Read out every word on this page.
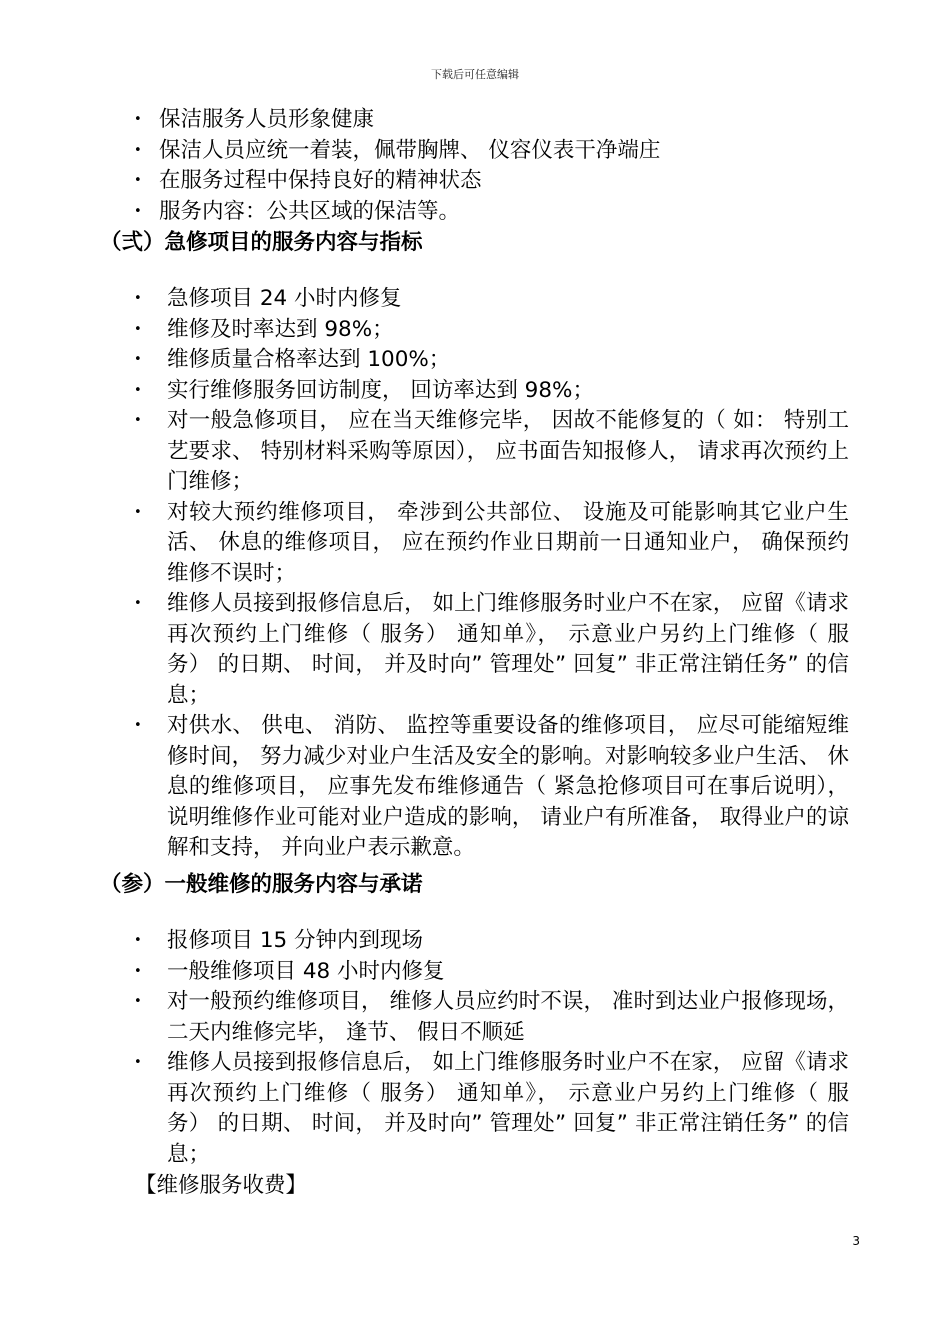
下载后可任意编辑
• 保洁服务人员形象健康
• 保洁人员应统一着装，佩带胸牌、 仪容仪表干净端庄
• 在服务过程中保持良好的精神状态
• 服务内容：公共区域的保洁等。
（弍）急修项目的服务内容与指标
• 急修项目 24 小时内修复
• 维修及时率达到 98%；
• 维修质量合格率达到 100%；
• 实行维修服务回访制度， 回访率达到 98%；
• 对一般急修项目， 应在当天维修完毕， 因故不能修复的（ 如： 特别工艺要求、 特别材料采购等原因）， 应书面告知报修人， 请求再次预约上门维修；
• 对较大预约维修项目， 牵涉到公共部位、 设施及可能影响其它业户生活、 休息的维修项目， 应在预约作业日期前一日通知业户， 确保预约维修不误时；
• 维修人员接到报修信息后， 如上门维修服务时业户不在家， 应留《请求再次预约上门维修（ 服务） 通知单》， 示意业户另约上门维修（ 服务） 的日期、 时间， 并及时向” 管理处” 回复” 非正常注销任务” 的信息；
• 对供水、 供电、 消防、 监控等重要设备的维修项目， 应尽可能缩短维修时间， 努力减少对业户生活及安全的影响。对影响较多业户生活、 休息的维修项目， 应事先发布维修通告（ 紧急抢修项目可在事后说明）， 说明维修作业可能对业户造成的影响， 请业户有所准备， 取得业户的谅解和支持， 并向业户表示歉意。
（参）一般维修的服务内容与承诺
• 报修项目 15 分钟内到现场
• 一般维修项目 48 小时内修复
• 对一般预约维修项目， 维修人员应约时不误， 准时到达业户报修现场， 二天内维修完毕， 逢节、 假日不顺延
• 维修人员接到报修信息后， 如上门维修服务时业户不在家， 应留《请求再次预约上门维修（ 服务） 通知单》， 示意业户另约上门维修（ 服务） 的日期、 时间， 并及时向” 管理处” 回复” 非正常注销任务” 的信息；
【维修服务收费】
3
